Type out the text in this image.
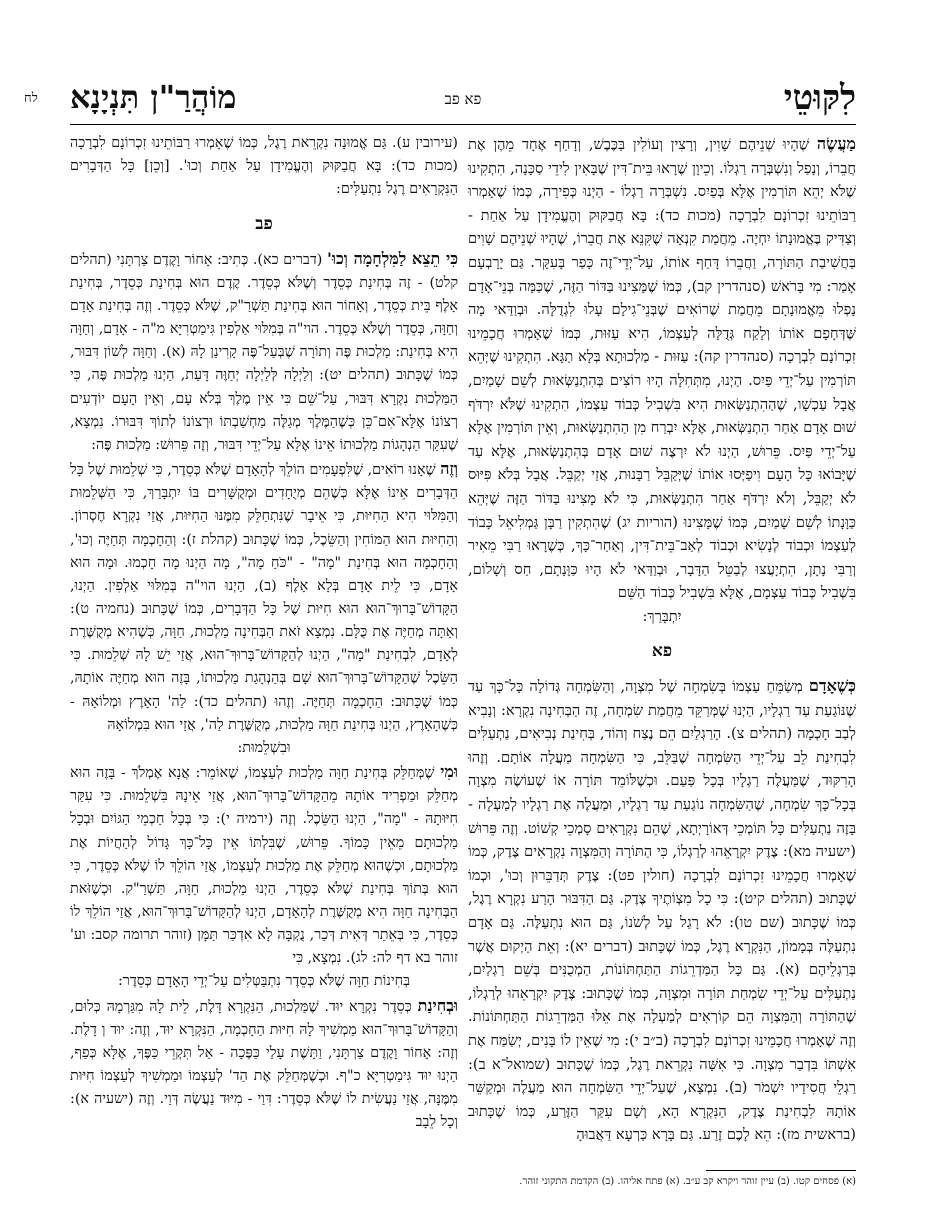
לִקּוּטֵי
פא פב
מוֹהֲרַ"ן תִּנְיָנָא
לח

מַעֲשֶׂה שֶׁהָיוּ שְׁנֵיהֶם שָׁוִין, וְרָצִין וְעוֹלִין בַּכֶּבֶשׁ, וְדָחַף אֶחָד מֵהֶן אֶת חֲבֵרוֹ, וְנָפַל וְנִשְׁבְּרָה רַגְלוֹ. וְכֵיוָן שֶׁרָאוּ בֵּית־דִּין שֶׁבָּאִין לִידֵי סַכָּנָה, הִתְקִינוּ שֶׁלֹּא יְהֵא תּוֹרְמִין אֶלָּא בְּפַיִס. נִשְׁבְּרָה רַגְלוֹ - הַיְנוּ כְּפִירָה, כְּמוֹ שֶׁאָמְרוּ רַבּוֹתֵינוּ זִכְרוֹנָם לִבְרָכָה (מכות כד): בָּא חֲבַקּוּק וְהֶעֱמִידָן עַל אַחַת - וְצַדִּיק בֶּאֱמוּנָתוֹ יִחְיֶה. מֵחֲמַת קִנְאָה שֶׁקִּנֵּא אֶת חֲבֵרוֹ, שֶׁהָיוּ שְׁנֵיהֶם שָׁוִים בַּחֲשִׁיבַת הַתּוֹרָה, וַחֲבֵרוֹ דָּחַף אוֹתוֹ, עַל־יְדֵי־זֶה כָּפַר בָּעִקָּר. גַּם יָרָבְעָם אָמַר: מִי בָּרֹאשׁ (סנהדרין קב), כְּמוֹ שֶׁמָּצִינוּ בַּדּוֹר הַזֶּה, שֶׁכַּמָּה בְּנֵי־אָדָם נָפְלוּ מֵאֱמוּנָתָם מֵחֲמַת שֶׁרוֹאִים שֶׁבְּנֵי־גִילָם עָלוּ לִגְדֻלָּה. וּבְוַדַּאי מָה שֶּׁדְּחָפָם אוֹתוֹ וְלָקַח גְּדֻלָּה לְעַצְמוֹ, הִיא עַזּוּת, כְּמוֹ שֶׁאָמְרוּ חֲכָמֵינוּ זִכְרוֹנָם לִבְרָכָה (סנהדרין קה): עַזּוּת - מַלְכוּתָא בְּלָא תַגָּא. הִתְקִינוּ שֶׁיְּהֵא תּוֹרְמִין עַל־יְדֵי פַּיִס. הַיְנוּ, מִתְּחִלָּה הָיוּ רוֹצִים בְּהִתְנַשְּׂאוּת לְשֵׁם שָׁמַיִם, אֲבָל עַכְשָׁו, שֶׁהַהִתְנַשְּׂאוּת הִיא בִּשְׁבִיל כְּבוֹד עַצְמוֹ, הִתְקִינוּ שֶׁלֹּא יִרְדֹּף שׁוּם אָדָם אַחַר הִתְנַשְּׂאוּת, אֶלָּא יִבְרַח מִן הַהִתְנַשְּׂאוּת, וְאֵין תּוֹרְמִין אֶלָּא עַל־יְדֵי פַּיִס. פֵּרוּשׁ, הַיְנוּ לֹא יִרְצֶה שׁוּם אָדָם בְּהִתְנַשְּׂאוּת, אֶלָּא עַד שֶׁיָּבוֹאוּ כָּל הָעָם וִיפַיְּסוּ אוֹתוֹ שֶׁיְּקַבֵּל רַבָּנוּת, אֲזַי יְקַבֵּל. אֲבָל בְּלֹא פִּיּוּס לֹא יְקַבֵּל, וְלֹא יִרְדֹּף אַחַר הִתְנַשְּׂאוּת, כִּי לֹא מָצִינוּ בַּדּוֹר הַזֶּה שֶׁיְּהֵא כַּוָּנָתוֹ לְשֵׁם שָׁמַיִם, כְּמוֹ שֶׁמָּצִינוּ (הוריות יג) שֶׁהִתְקִין רַבָּן גַּמְלִיאֵל כָּבוֹד לְעַצְמוֹ וּכְבוֹד לְנָשִׂיא וּכְבוֹד לְאַב־בֵּית־דִּין, וְאַחַר־כָּךְ, כְּשֶׁרָאוּ רַבִּי מֵאִיר וְרַבִּי נָתָן, הִתְיָעֲצוּ לְבַטֵּל הַדָּבָר, וּבְוַדַּאי לֹא הָיוּ כַּוָּנָתָם, חַס וְשָׁלוֹם, בִּשְׁבִיל כְּבוֹד עַצְמָם, אֶלָּא בִּשְׁבִיל כְּבוֹד הַשֵּׁם

יִתְבָּרַךְ:

פא

כְּשֶׁאָדָם מְשַׂמֵּחַ עַצְמוֹ בְּשִׂמְחָה שֶׁל מִצְוָה, וְהַשִּׂמְחָה גְּדוֹלָה כָּל־כָּךְ עַד שֶׁנּוֹגַעַת עַד רַגְלָיו, הַיְנוּ שֶׁמְּרַקֵּד מֵחֲמַת שִׂמְחָה, זֶה הַבְּחִינָה נִקְרָא: וְנָבִיא לְבַב חָכְמָה (תהלים צ). הָרַגְלַיִם הֵם נֶצַח וְהוֹד, בְּחִינַת נְבִיאִים, נַתְעַלִּים לִבְחִינַת לֵב עַל־יְדֵי הַשִּׂמְחָה שֶׁבַּלֵּב, כִּי הַשִּׂמְחָה מַעֲלָה אוֹתָם. וְזֶהוּ הָרִקּוּד, שֶׁמַּעֲלֶה רַגְלָיו בְּכָל פַּעַם. וּכְשֶׁלּוֹמֵד תּוֹרָה אוֹ שֶׁעוֹשֶׂה מִצְוָה בְּכָל־כָּךְ שִׂמְחָה, שֶׁהַשִּׂמְחָה נוֹגַעַת עַד רַגְלָיו, וּמַעֲלֶה אֶת רַגְלָיו לְמַעְלָה - בָּזֶה נַתְעַלִּים כָּל תּוֹמְכֵי דְּאוֹרָיְתָא, שֶׁהֵם נִקְרָאִים סָמְכֵי קְשׁוֹט. וְזֶה פֵּרוּשׁ (ישעיה מא): צֶדֶק יִקְרָאֵהוּ לְרַגְלוֹ, כִּי הַתּוֹרָה וְהַמִּצְוָה נִקְרָאִים צֶדֶק, כְּמוֹ שֶׁאָמְרוּ חֲכָמֵינוּ זִכְרוֹנָם לִבְרָכָה (חולין פט): צֶדֶק תְּדַבֵּרוּן וְכוּ', וּכְמוֹ שֶׁכָּתוּב (תהלים קיט): כִּי כָל מִצְוֹתֶיךָ צֶדֶק. גַּם הַדִּבּוּר הָרַע נִקְרָא רֶגֶל, כְּמוֹ שֶׁכָּתוּב (שם טו): לֹא רָגַל עַל לְשֹׁנוֹ, גַּם הוּא נִתְעַלֶּה. גַּם אָדָם נִתְעַלֶּה בְּמָמוֹן, הַנִּקְרָא רֶגֶל, כְּמוֹ שֶׁכָּתוּב (דברים יא): וְאֵת הַיְקוּם אֲשֶׁר בְּרַגְלֵיהֶם (א). גַּם כָּל הַמַּדְרֵגוֹת הַתַּחְתּוֹנוֹת, הַמְכֻנִּים בְּשֵׁם רַגְלַיִם, נַתְעַלִּים עַל־יְדֵי שִׂמְחַת תּוֹרָה וּמִצְוָה, כְּמוֹ שֶׁכָּתוּב: צֶדֶק יִקְרָאֵהוּ לְרַגְלוֹ, שֶׁהַתּוֹרָה וְהַמִּצְוָה הֵם קוֹרְאִים לְמַעְלָה אֶת אֵלּוּ הַמַּדְרֵגוֹת הַתַּחְתּוֹנוֹת. וְזֶה שֶׁאָמְרוּ חֲכָמֵינוּ זִכְרוֹנָם לִבְרָכָה (ב״ב י): מִי שֶׁאֵין לוֹ בָּנִים, יְשַׂמַּח אֶת אִשְׁתּוֹ בִּדְבַר מִצְוָה. כִּי אִשָּׁה נִקְרֵאת רֶגֶל, כְּמוֹ שֶׁכָּתוּב (שמואל־א ב): רַגְלֵי חֲסִידָיו יִשְׁמֹר (ב). נִמְצָא, שֶׁעַל־יְדֵי הַשִּׂמְחָה הוּא מַעֲלֶה וּמְקַשֵּׁר אוֹתָהּ לִבְחִינַת צֶדֶק, הַנִּקְרָא הָא, וְשָׁם עִקַּר הַזֶּרַע, כְּמוֹ שֶׁכָּתוּב (בראשית מז): הֵא לָכֶם זֶרַע. גַּם בָּרָא כַּרְעָא דַּאֲבוּהָ

(עירובין ע). גַּם אֱמוּנָה נִקְרֵאת רֶגֶל, כְּמוֹ שֶׁאָמְרוּ רַבּוֹתֵינוּ זִכְרוֹנָם לִבְרָכָה (מכות כד): בָּא חֲבַקּוּק וְהֶעֱמִידָן עַל אַחַת וְכוּ'. [וְכֵן] כָּל הַדְּבָרִים הַנִּקְרָאִים רֶגֶל נִתְעַלִּים:

פב

כִּי תֵצֵא לַמִּלְחָמָה וְכוּ' (דברים כא). כְּתִיב: אָחוֹר וָקֶדֶם צַרְתָּנִי (תהלים קלט) - זֶה בְּחִינַת כְּסֵדֶר וְשֶׁלֹּא כְּסֵדֶר. קֶדֶם הוּא בְּחִינַת כְּסֵדֶר, בְּחִינַת אָלֶף בֵּית כְּסֵדֶר, וְאָחוֹר הוּא בְּחִינַת תַּשְׁרַ"ק, שֶׁלֹּא כְּסֵדֶר. וְזֶה בְּחִינַת אָדָם וְחַוָּה, כְּסֵדֶר וְשֶׁלֹּא כְּסֵדֶר. הוי"ה בְּמִלּוּי אַלְפִין גִּימַטְרִיָּא מ"ה - אָדָם, וְחַוָּה הִיא בְּחִינַת: מַלְכוּת פֶּה וְתוֹרָה שֶׁבְּעַל־פֶּה קָרִינַן לָהּ (א). וְחַוָּה לְשׁוֹן דִּבּוּר, כְּמוֹ שֶׁכָּתוּב (תהלים יט): וְלַיְלָה לְּלַיְלָה יְחַוֶּה דָּעַת, הַיְנוּ מַלְכוּת פֶּה, כִּי הַמַּלְכוּת נִקְרָא דִּבּוּר, עַל־שֵׁם כִּי אֵין מֶלֶךְ בְּלֹא עָם, וְאֵין הָעָם יוֹדְעִים רְצוֹנוֹ אֶלָּא־אִם־כֵּן כְּשֶׁהַמֶּלֶךְ מְגַלֶּה מַחְשַׁבְתּוֹ וּרְצוֹנוֹ לְתוֹךְ דִּבּוּרוֹ. נִמְצָא, שֶׁעִקַּר הַנְהָגוֹת מַלְכוּתוֹ אֵינוֹ אֶלָּא עַל־יְדֵי דִּבּוּר, וְזֶה פֵּרוּשׁ: מַלְכוּת פֶּה:

וְזֶה שֶׁאָנוּ רוֹאִים, שֶׁלִּפְעָמִים הוֹלֵךְ לְהָאָדָם שֶׁלֹּא כְּסֵדֶר, כִּי שְׁלֵמוּת שֶׁל כָּל הַדְּבָרִים אֵינוֹ אֶלָּא כְּשֶׁהֵם מְיֻחָדִים וּמְקֻשָּׁרִים בּוֹ יִתְבָּרַךְ, כִּי הַשְּׁלֵמוּת וְהַמִּלּוּי הִיא הַחִיּוּת, כִּי אֵיבָר שֶׁנִּתְחַלֵּק מִמֶּנּוּ הַחִיּוּת, אֲזַי נִקְרָא חֶסְרוֹן. וְהַחִיּוּת הוּא הַמּוֹחִין וְהַשֵּׂכֶל, כְּמוֹ שֶׁכָּתוּב (קהלת ז): וְהַחָכְמָה תְּחַיֶּה וְכוּ', וְהַחָכְמָה הוּא בְּחִינַת "מָה" - "כֹּחַ מָה", מָה הַיְנוּ מָה חָכְמוּ. וּמָה הוּא אָדָם, כִּי לֵית אָדָם בְּלָא אָלֶף (ב), הַיְנוּ הוי"ה בְּמִלּוּי אַלְפִין. הַיְנוּ, הַקָּדוֹשׁ־בָּרוּךְ־הוּא הוּא חִיּוּת שֶׁל כָּל הַדְּבָרִים, כְּמוֹ שֶׁכָּתוּב (נחמיה ט): וְאַתָּה מְחַיֶּה אֶת כֻּלָּם. נִמְצָא זֹאת הַבְּחִינָה מַלְכוּת, חַוָּה, כְּשֶׁהִיא מְקֻשֶּׁרֶת לְאָדָם, לִבְחִינַת "מָה", הַיְנוּ לְהַקָּדוֹשׁ־בָּרוּךְ־הוּא, אֲזַי יֵשׁ לָהּ שְׁלֵמוּת. כִּי הַשֵּׂכֶל שֶׁהַקָּדוֹשׁ־בָּרוּךְ־הוּא שָׁם בְּהַנְהָגַת מַלְכוּתוֹ, בָּזֶה הוּא מְחַיֶּה אוֹתָהּ, כְּמוֹ שֶׁכָּתוּב: הַחָכְמָה תְּחַיֶּה. וְזֶהוּ (תהלים כד): לַה' הָאָרֶץ וּמְלוֹאָהּ - כְּשֶׁהָאָרֶץ, הַיְנוּ בְּחִינַת חַוָּה מַלְכוּת, מְקֻשֶּׁרֶת לַה', אֲזַי הוּא בִּמְלוֹאָהּ

וּבִשְׁלֵמוּת:

וּמִי שֶׁמְּחַלֵּק בְּחִינַת חַוָּה מַלְכוּת לְעַצְמוֹ, שֶׁאוֹמֵר: אֲנָא אֶמְלֹךְ - בָּזֶה הוּא מְחַלֵּק וּמַפְרִיד אוֹתָהּ מֵהַקָּדוֹשׁ־בָּרוּךְ־הוּא, אֲזַי אֵינָהּ בִּשְׁלֵמוּת. כִּי עִקַּר חִיּוּתָהּ - "מָה", הַיְנוּ הַשֵּׂכֶל. וְזֶה (ירמיה י): כִּי בְּכָל חַכְמֵי הַגּוֹיִם וּבְכָל מַלְכוּתָם מֵאֵין כָּמוֹךָ. פֵּרוּשׁ, שֶׁבִּלְתּוֹ אֵין כָּל־כָּךְ גָּדוֹל לְהַחֲיוֹת אֶת מַלְכוּתָם, וּכְשֶׁהוּא מְחַלֵּק אֶת מַלְכוּת לְעַצְמוֹ, אֲזַי הוֹלֵךְ לוֹ שֶׁלֹּא כְּסֵדֶר, כִּי הוּא בְּתוֹךְ בְּחִינַת שֶׁלֹּא כְּסֵדֶר, הַיְנוּ מַלְכוּת, חַוָּה, תַּשְׁרַ"ק. וּכְשֶׁזֹּאת הַבְּחִינָה חַוָּה הִיא מְקֻשֶּׁרֶת לְהָאָדָם, הַיְנוּ לְהַקָּדוֹשׁ־בָּרוּךְ־הוּא, אֲזַי הוֹלֵךְ לוֹ כְּסֵדֶר, כִּי בְּאֵתַר דְּאִית דְּכַר, נֻקְבָּה לָא אִדְכַּר תַּמָּן (זוהר תרומה קסב: וע' זוהר בא דף לה: לג). נִמְצָא, כִּי

בְּחִינוֹת חַוָּה שֶׁלֹּא כְּסֵדֶר נִתְבַּטְּלִים עַל־יְדֵי הָאָדָם כְּסֵדֶר:

וּבְחִינַת כְּסֵדֶר נִקְרָא יוּד. שֶׁמַּלְכוּת, הַנִּקְרָא דָּלֶת, לֵית לָהּ מִגַּרְמָהּ כְּלוּם, וְהַקָּדוֹשׁ־בָּרוּךְ־הוּא מַמְשִׁיךְ לָהּ חִיּוּת הַחָכְמָה, הַנִּקְרָא יוּד, וְזֶה: יוּד וְ דָלֶת. וְזֶה: אָחוֹר וָקֶדֶם צַרְתָּנִי, וַתָּשֶׁת עָלַי כַּפֶּכָה - אַל תִּקְרֵי כַּפֶּךָ, אֶלָּא כְּפַף, הַיְנוּ יוּד גִּימַטְרִיָּא כ"ף. וּכְשֶׁמְּחַלֵּק אֶת הַד' לְעַצְמוֹ וּמַמְשִׁיךְ לְעַצְמוֹ חִיּוּת מִמֶּנָּה, אֲזַי נַעֲשִׂית לוֹ שֶׁלֹּא כְּסֵדֶר: דִּוַי - מִיּוּד נַעֲשֶׂה דְּוַי. וְזֶה (ישעיה א): וְכָל לֵבָב

(א) פסחים קטו. (ב) עיין זוהר ויקרא קב ע״ב. (א) פתח אליהו. (ב) הקדמת התקוני זוהר.
